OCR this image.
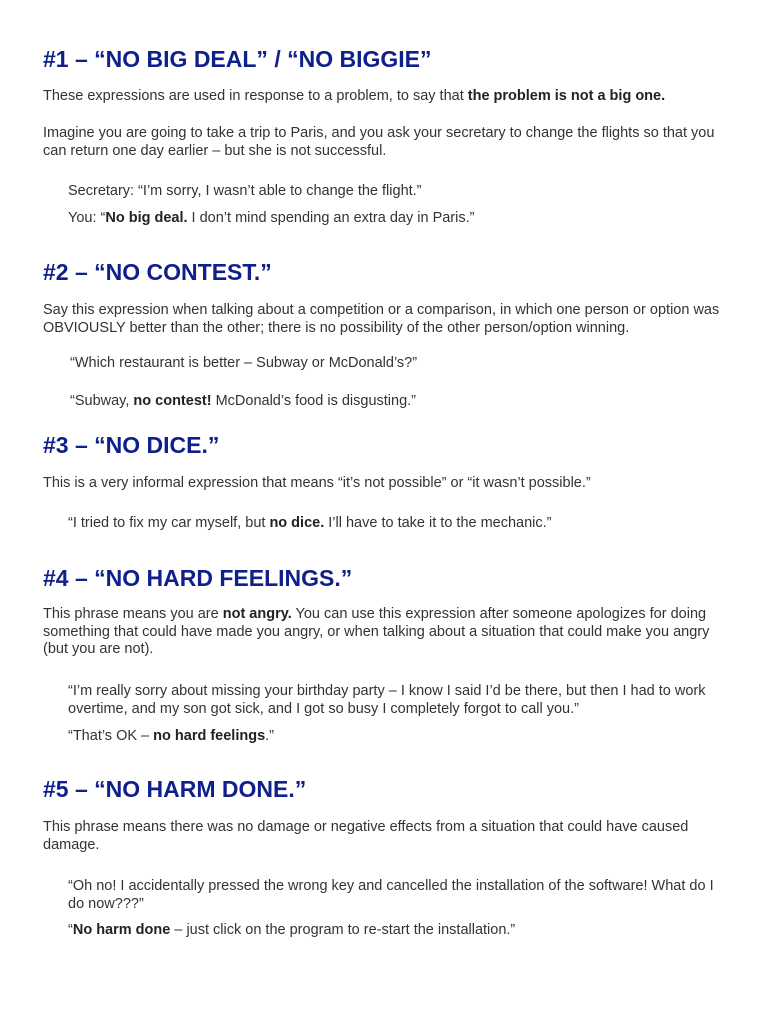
#1 – “NO BIG DEAL” / “NO BIGGIE”

These expressions are used in response to a problem, to say that the problem is not a big one.

Imagine you are going to take a trip to Paris, and you ask your secretary to change the flights so that you can return one day earlier – but she is not successful.

Secretary: “I’m sorry, I wasn’t able to change the flight.”

You: “No big deal. I don’t mind spending an extra day in Paris.”

#2 – “NO CONTEST.”

Say this expression when talking about a competition or a comparison, in which one person or option was OBVIOUSLY better than the other; there is no possibility of the other person/option winning.

“Which restaurant is better – Subway or McDonald’s?”

“Subway, no contest! McDonald’s food is disgusting.”

#3 – “NO DICE.”

This is a very informal expression that means “it’s not possible” or “it wasn’t possible.”

“I tried to fix my car myself, but no dice. I’ll have to take it to the mechanic.”

#4 – “NO HARD FEELINGS.”

This phrase means you are not angry. You can use this expression after someone apologizes for doing something that could have made you angry, or when talking about a situation that could make you angry (but you are not).

“I’m really sorry about missing your birthday party – I know I said I’d be there, but then I had to work overtime, and my son got sick, and I got so busy I completely forgot to call you.”

“That’s OK – no hard feelings.”

#5 – “NO HARM DONE.”

This phrase means there was no damage or negative effects from a situation that could have caused damage.

“Oh no! I accidentally pressed the wrong key and cancelled the installation of the software! What do I do now???”

“No harm done – just click on the program to re-start the installation.”
